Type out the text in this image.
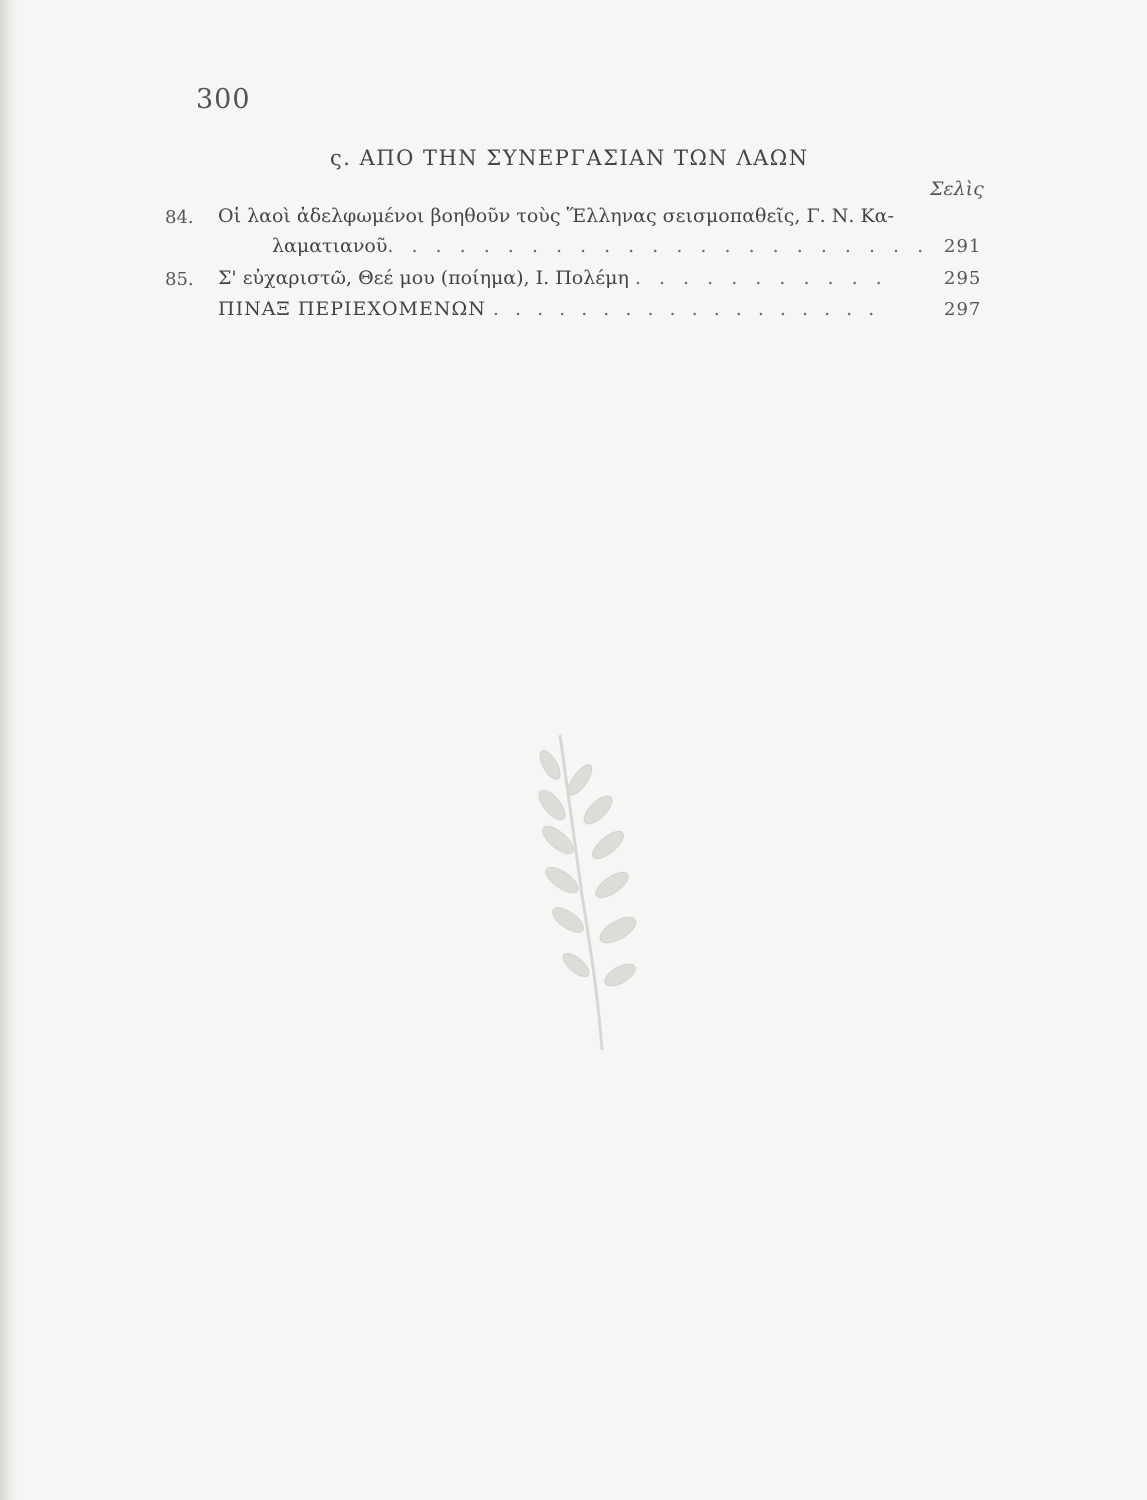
300
ς. ΑΠΟ ΤΗΝ ΣΥΝΕΡΓΑΣΙΑΝ ΤΩΝ ΛΑΩΝ
Σελὶς
84. Οἱ λαοὶ ἀδελφωμένοι βοηθοῦν τοὺς Ἕλληνας σεισμοπαθεῖς, Γ. Ν. Κα-
λαματιανοῦ. . . . . . . . . . . . . . . . . . . . . . . 291
85. Σ' εὐχαριστῶ, Θεέ μου (ποίημα), Ι. Πολέμη . . . . . . . . . . .	295
ΠΙΝΑΞ ΠΕΡΙΕΧΟΜΕΝΩΝ . . . . . . . . . . . . . . . . . .	297
